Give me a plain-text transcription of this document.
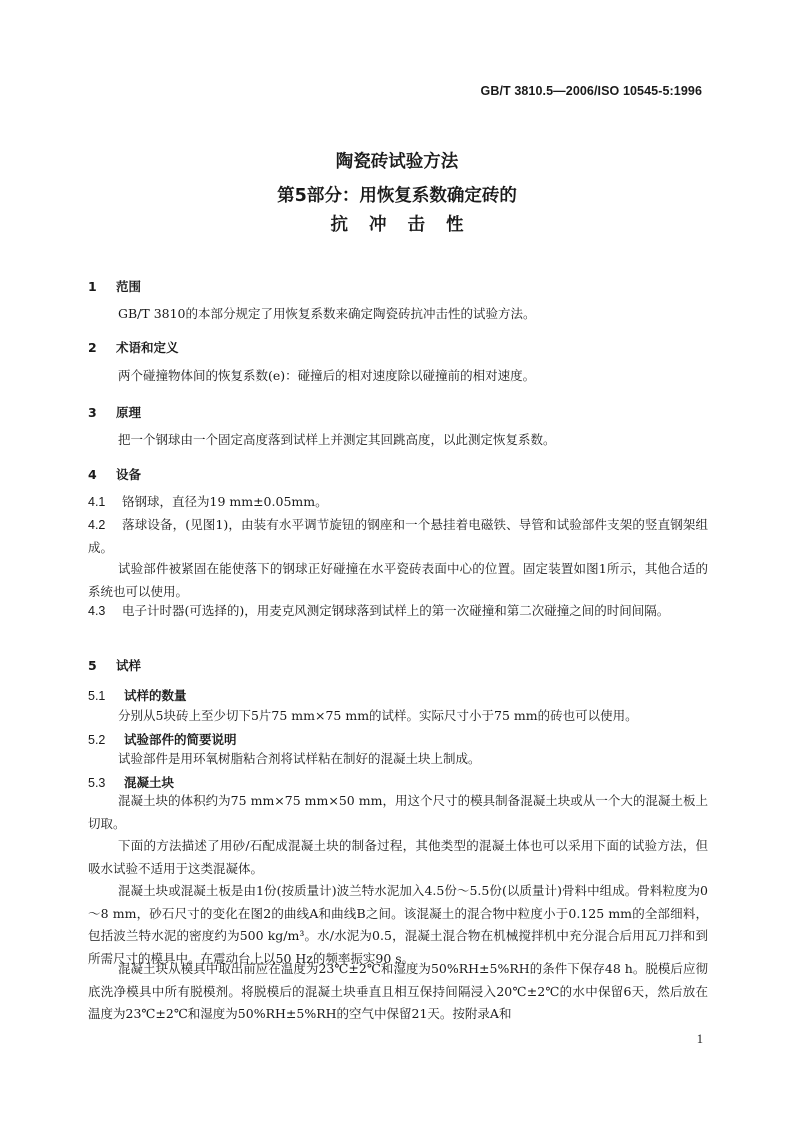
GB/T 3810.5—2006/ISO 10545-5:1996
陶瓷砖试验方法
第5部分：用恢复系数确定砖的
抗冲击性
1 范围
GB/T 3810的本部分规定了用恢复系数来确定陶瓷砖抗冲击性的试验方法。
2 术语和定义
两个碰撞物体间的恢复系数(e)：碰撞后的相对速度除以碰撞前的相对速度。
3 原理
把一个钢球由一个固定高度落到试样上并测定其回跳高度，以此测定恢复系数。
4 设备
4.1 铬钢球，直径为19 mm±0.05mm。
4.2 落球设备，(见图1)，由装有水平调节旋钮的钢座和一个悬挂着电磁铁、导管和试验部件支架的竖直钢架组成。
试验部件被紧固在能使落下的钢球正好碰撞在水平瓷砖表面中心的位置。固定装置如图1所示，其他合适的系统也可以使用。
4.3 电子计时器(可选择的)，用麦克风测定钢球落到试样上的第一次碰撞和第二次碰撞之间的时间间隔。
5 试样
5.1 试样的数量
分别从5块砖上至少切下5片75 mm×75 mm的试样。实际尺寸小于75 mm的砖也可以使用。
5.2 试验部件的简要说明
试验部件是用环氧树脂粘合剂将试样粘在制好的混凝土块上制成。
5.3 混凝土块
混凝土块的体积约为75 mm×75 mm×50 mm，用这个尺寸的模具制备混凝土块或从一个大的混凝土板上切取。
下面的方法描述了用砂/石配成混凝土块的制备过程，其他类型的混凝土体也可以采用下面的试验方法，但吸水试验不适用于这类混凝体。
混凝土块或混凝土板是由1份(按质量计)波兰特水泥加入4.5份～5.5份(以质量计)骨料中组成。骨料粒度为0～8 mm，砂石尺寸的变化在图2的曲线A和曲线B之间。该混凝土的混合物中粒度小于0.125 mm的全部细料，包括波兰特水泥的密度约为500 kg/m³。水/水泥为0.5，混凝土混合物在机械搅拌机中充分混合后用瓦刀拌和到所需尺寸的模具中。在震动台上以50 Hz的频率振实90 s。
混凝土块从模具中取出前应在温度为23℃±2℃和湿度为50%RH±5%RH的条件下保存48 h。脱模后应彻底洗净模具中所有脱模剂。将脱模后的混凝土块垂直且相互保持间隔浸入20℃±2℃的水中保留6天，然后放在温度为23℃±2℃和湿度为50%RH±5%RH的空气中保留21天。按附录A和
1
